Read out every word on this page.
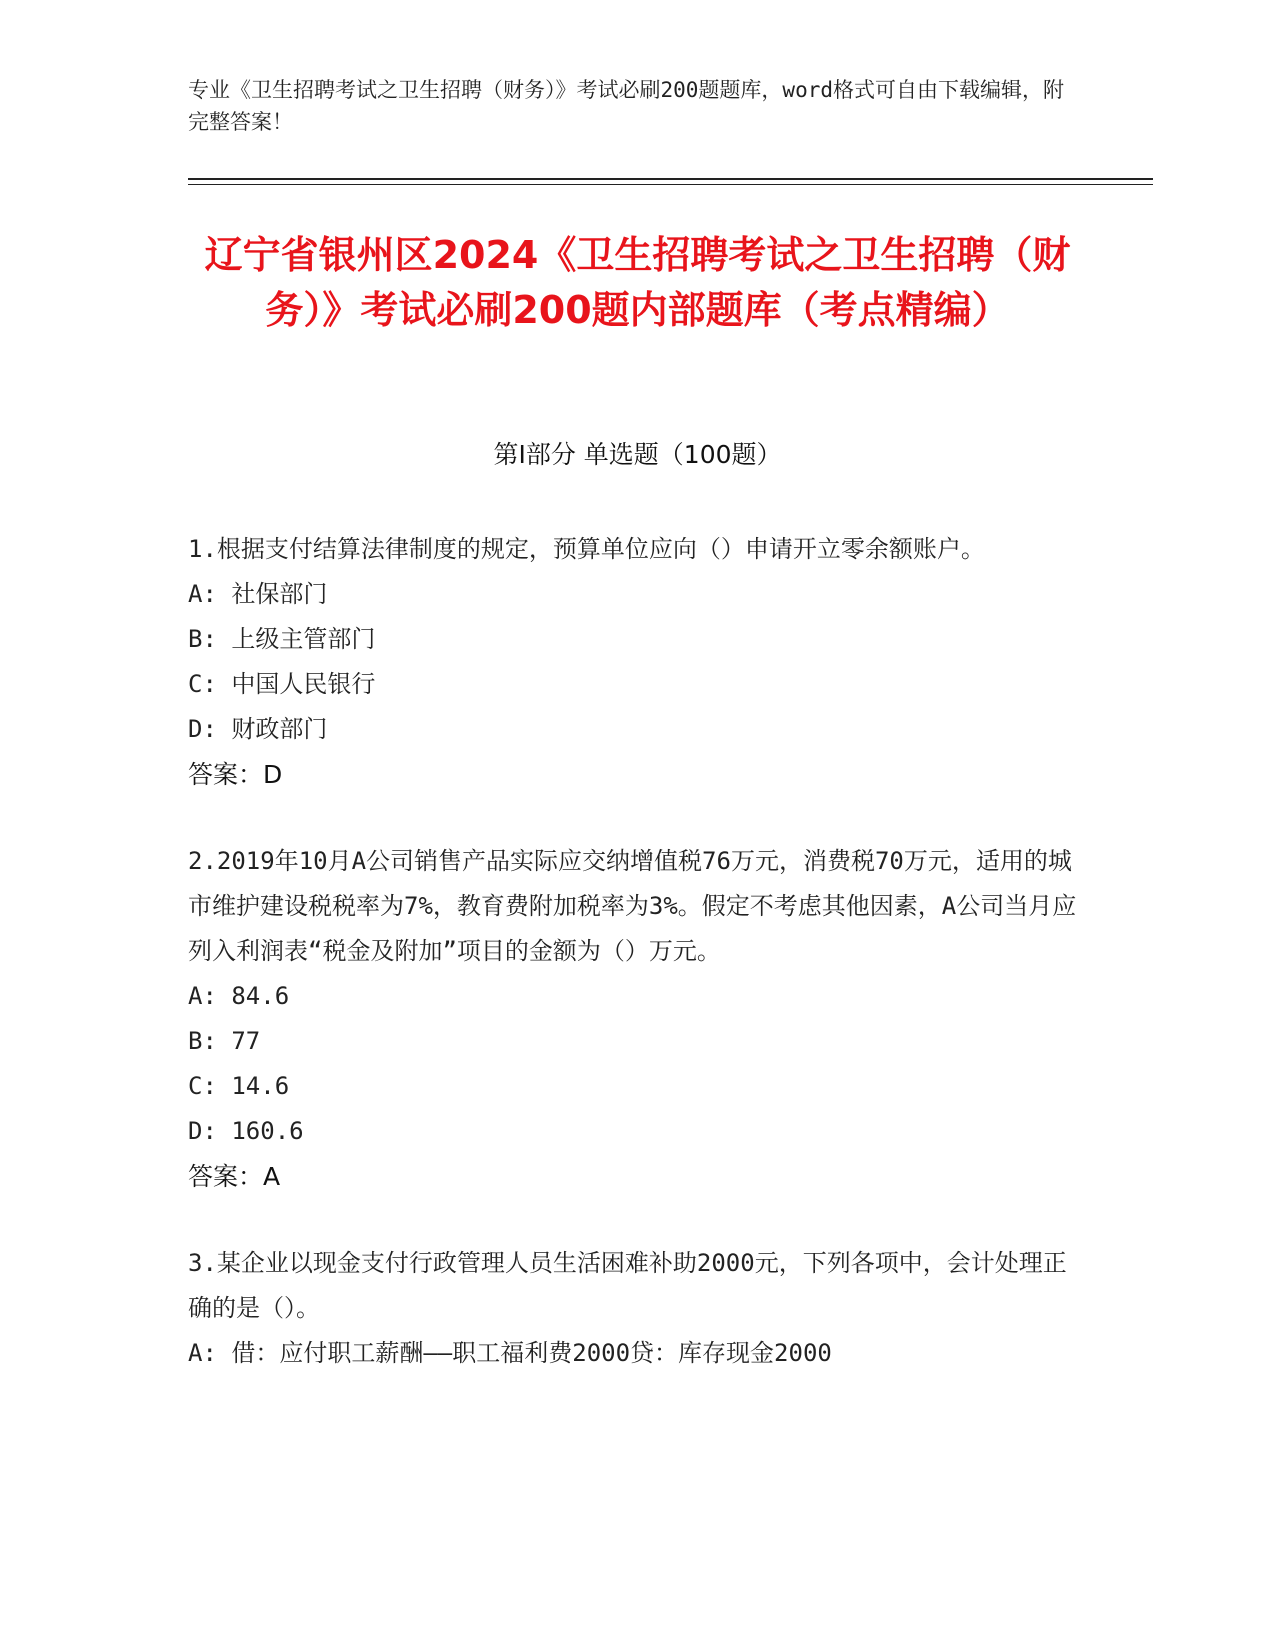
专业《卫生招聘考试之卫生招聘（财务）》考试必刷200题题库，word格式可自由下载编辑，附完整答案！
辽宁省银州区2024《卫生招聘考试之卫生招聘（财务）》考试必刷200题内部题库（考点精编）
第I部分 单选题（100题）
1.根据支付结算法律制度的规定，预算单位应向（）申请开立零余额账户。
A: 社保部门
B: 上级主管部门
C: 中国人民银行
D: 财政部门
答案：D
2.2019年10月A公司销售产品实际应交纳增值税76万元，消费税70万元，适用的城市维护建设税税率为7%，教育费附加税率为3%。假定不考虑其他因素，A公司当月应列入利润表“税金及附加”项目的金额为（）万元。
A: 84.6
B: 77
C: 14.6
D: 160.6
答案：A
3.某企业以现金支付行政管理人员生活困难补助2000元，下列各项中，会计处理正确的是（）。
A: 借：应付职工薪酬——职工福利费2000贷：库存现金2000
